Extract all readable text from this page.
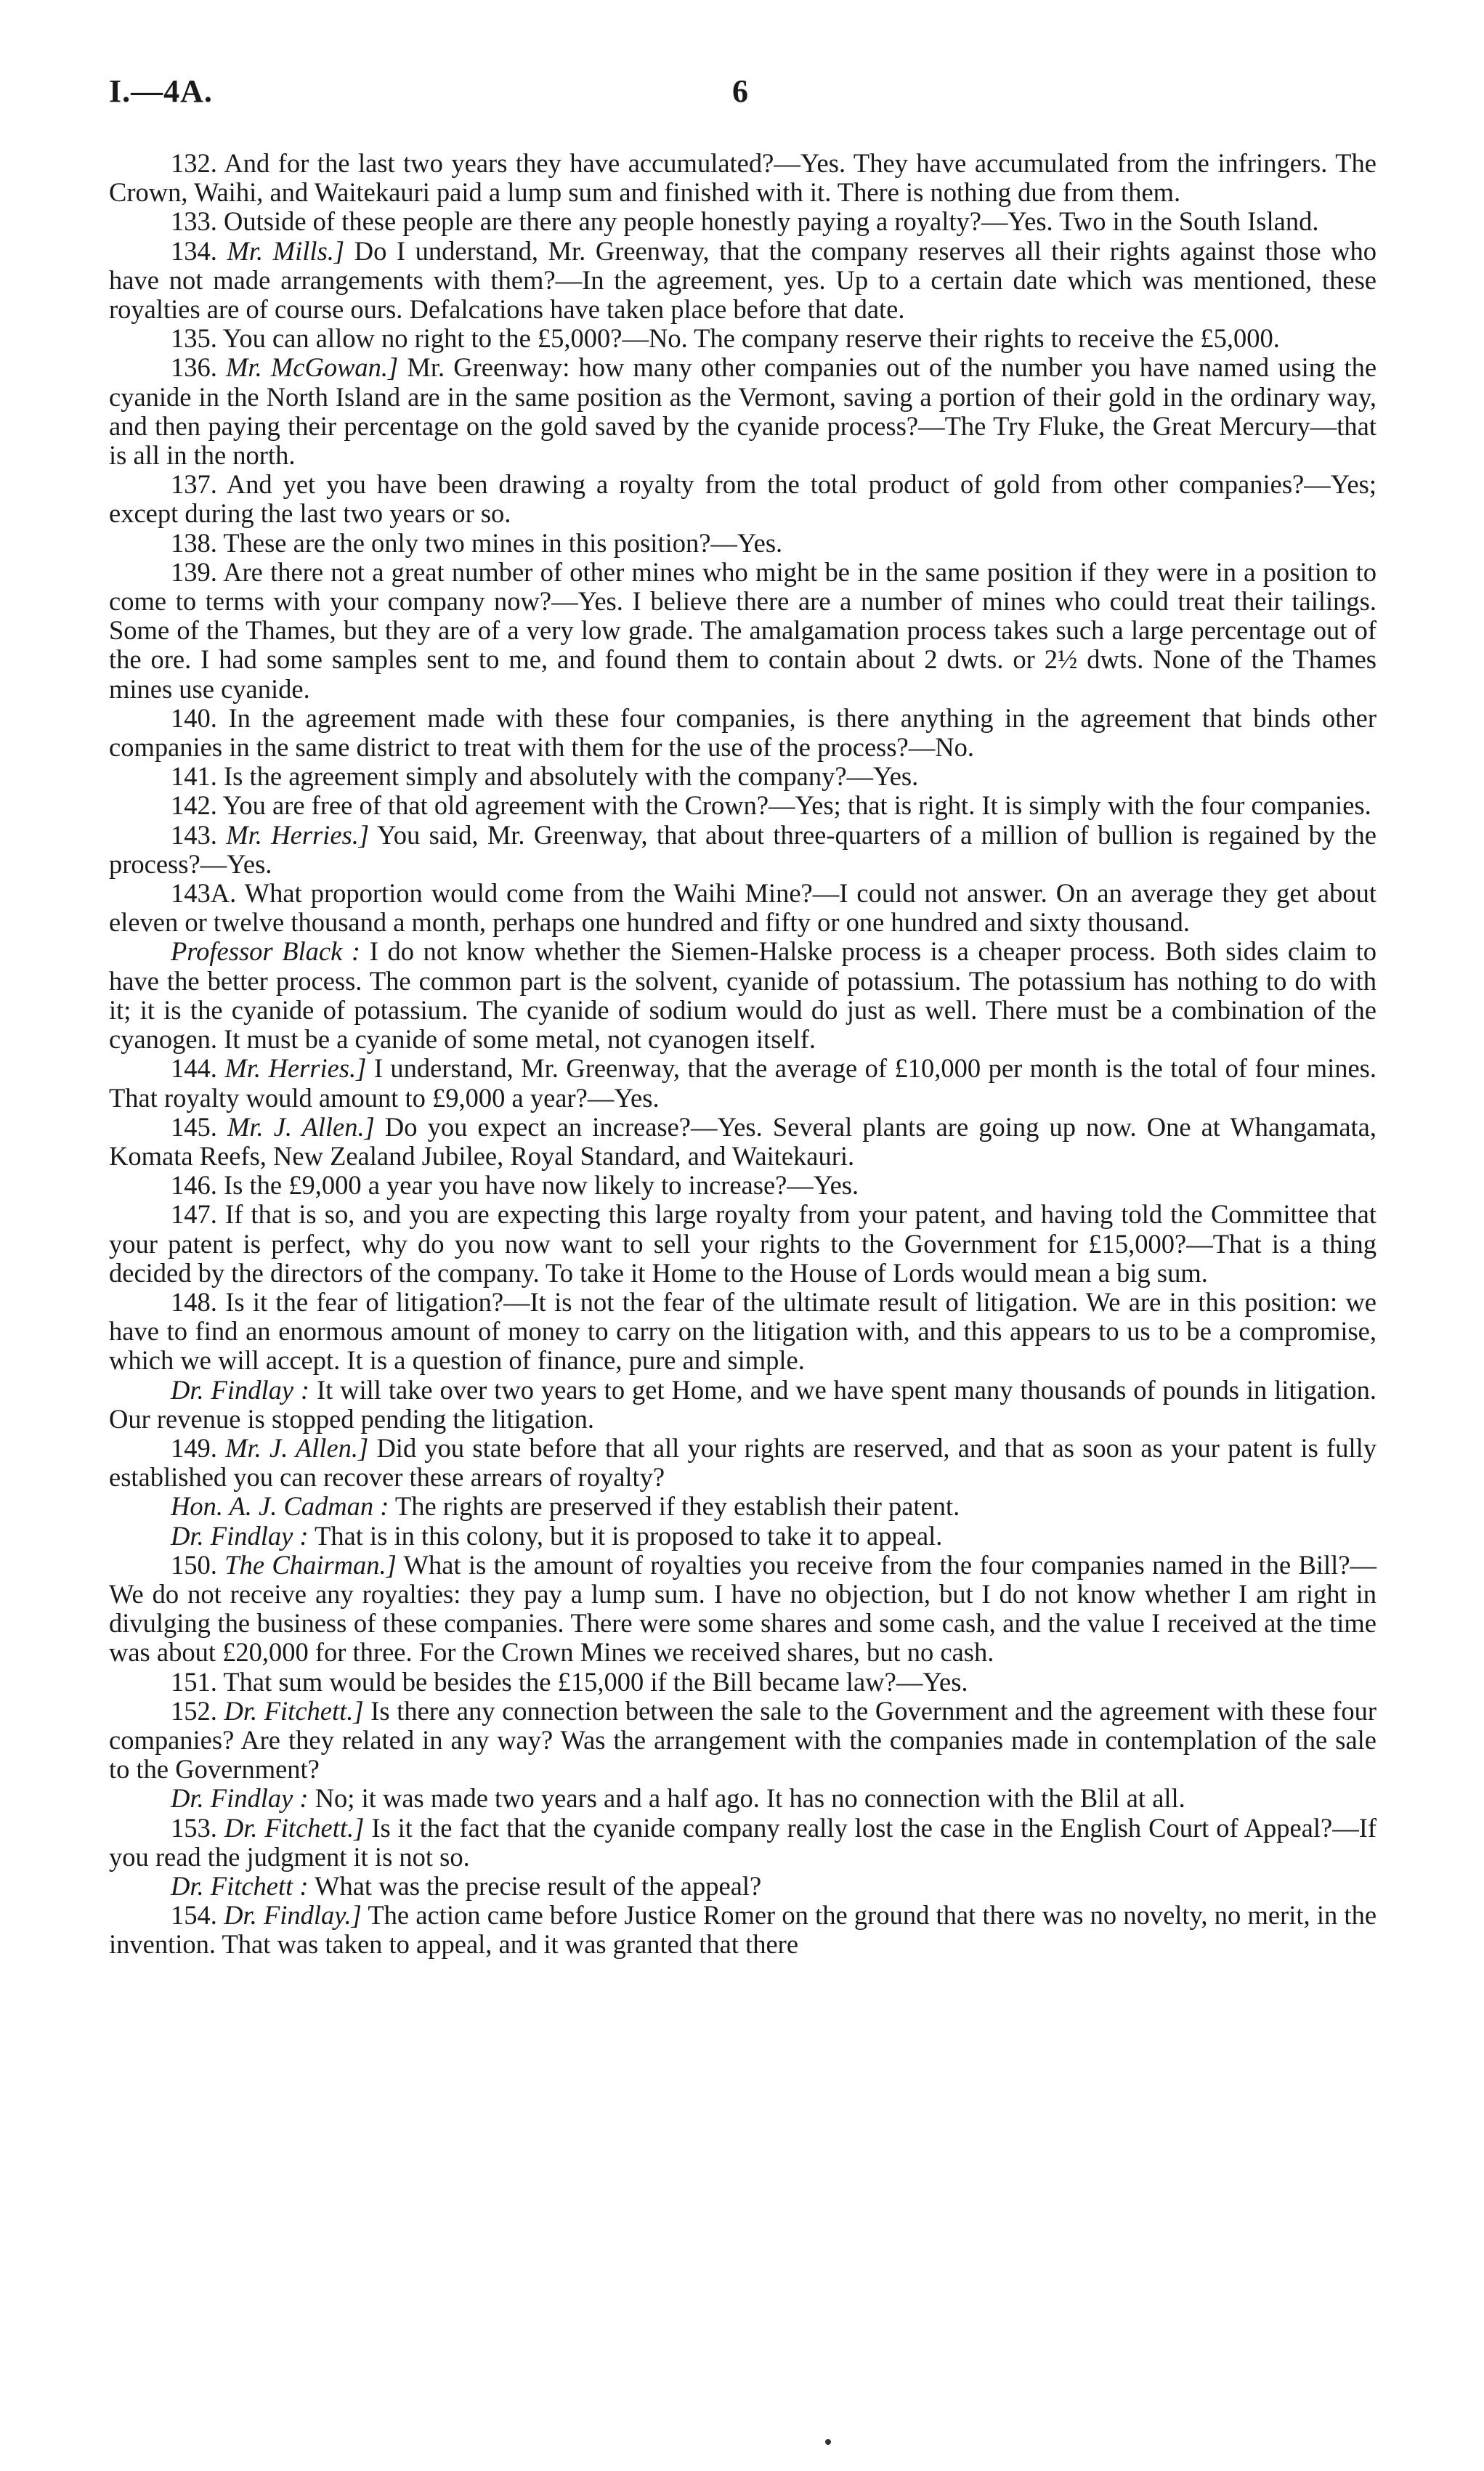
I.—4A.	6

132. And for the last two years they have accumulated?—Yes. They have accumulated from the infringers. The Crown, Waihi, and Waitekauri paid a lump sum and finished with it. There is nothing due from them.

133. Outside of these people are there any people honestly paying a royalty?—Yes. Two in the South Island.

134. Mr. Mills.] Do I understand, Mr. Greenway, that the company reserves all their rights against those who have not made arrangements with them?—In the agreement, yes. Up to a certain date which was mentioned, these royalties are of course ours. Defalcations have taken place before that date.

135. You can allow no right to the £5,000?—No. The company reserve their rights to receive the £5,000.

136. Mr. McGowan.] Mr. Greenway: how many other companies out of the number you have named using the cyanide in the North Island are in the same position as the Vermont, saving a portion of their gold in the ordinary way, and then paying their percentage on the gold saved by the cyanide process?—The Try Fluke, the Great Mercury—that is all in the north.

137. And yet you have been drawing a royalty from the total product of gold from other companies?—Yes; except during the last two years or so.

138. These are the only two mines in this position?—Yes.

139. Are there not a great number of other mines who might be in the same position if they were in a position to come to terms with your company now?—Yes. I believe there are a number of mines who could treat their tailings. Some of the Thames, but they are of a very low grade. The amalgamation process takes such a large percentage out of the ore. I had some samples sent to me, and found them to contain about 2 dwts. or 2½ dwts. None of the Thames mines use cyanide.

140. In the agreement made with these four companies, is there anything in the agreement that binds other companies in the same district to treat with them for the use of the process?—No.

141. Is the agreement simply and absolutely with the company?—Yes.

142. You are free of that old agreement with the Crown?—Yes; that is right. It is simply with the four companies.

143. Mr. Herries.] You said, Mr. Greenway, that about three-quarters of a million of bullion is regained by the process?—Yes.

143A. What proportion would come from the Waihi Mine?—I could not answer. On an average they get about eleven or twelve thousand a month, perhaps one hundred and fifty or one hundred and sixty thousand.

Professor Black : I do not know whether the Siemen-Halske process is a cheaper process. Both sides claim to have the better process. The common part is the solvent, cyanide of potassium. The potassium has nothing to do with it; it is the cyanide of potassium. The cyanide of sodium would do just as well. There must be a combination of the cyanogen. It must be a cyanide of some metal, not cyanogen itself.

144. Mr. Herries.] I understand, Mr. Greenway, that the average of £10,000 per month is the total of four mines. That royalty would amount to £9,000 a year?—Yes.

145. Mr. J. Allen.] Do you expect an increase?—Yes. Several plants are going up now. One at Whangamata, Komata Reefs, New Zealand Jubilee, Royal Standard, and Waitekauri.

146. Is the £9,000 a year you have now likely to increase?—Yes.

147. If that is so, and you are expecting this large royalty from your patent, and having told the Committee that your patent is perfect, why do you now want to sell your rights to the Government for £15,000?—That is a thing decided by the directors of the company. To take it Home to the House of Lords would mean a big sum.

148. Is it the fear of litigation?—It is not the fear of the ultimate result of litigation. We are in this position: we have to find an enormous amount of money to carry on the litigation with, and this appears to us to be a compromise, which we will accept. It is a question of finance, pure and simple.

Dr. Findlay : It will take over two years to get Home, and we have spent many thousands of pounds in litigation. Our revenue is stopped pending the litigation.

149. Mr. J. Allen.] Did you state before that all your rights are reserved, and that as soon as your patent is fully established you can recover these arrears of royalty?

Hon. A. J. Cadman : The rights are preserved if they establish their patent.

Dr. Findlay : That is in this colony, but it is proposed to take it to appeal.

150. The Chairman.] What is the amount of royalties you receive from the four companies named in the Bill?—We do not receive any royalties: they pay a lump sum. I have no objection, but I do not know whether I am right in divulging the business of these companies. There were some shares and some cash, and the value I received at the time was about £20,000 for three. For the Crown Mines we received shares, but no cash.

151. That sum would be besides the £15,000 if the Bill became law?—Yes.

152. Dr. Fitchett.] Is there any connection between the sale to the Government and the agreement with these four companies? Are they related in any way? Was the arrangement with the companies made in contemplation of the sale to the Government?

Dr. Findlay : No; it was made two years and a half ago. It has no connection with the Blil at all.

153. Dr. Fitchett.] Is it the fact that the cyanide company really lost the case in the English Court of Appeal?—If you read the judgment it is not so.

Dr. Fitchett : What was the precise result of the appeal?

154. Dr. Findlay.] The action came before Justice Romer on the ground that there was no novelty, no merit, in the invention. That was taken to appeal, and it was granted that there
